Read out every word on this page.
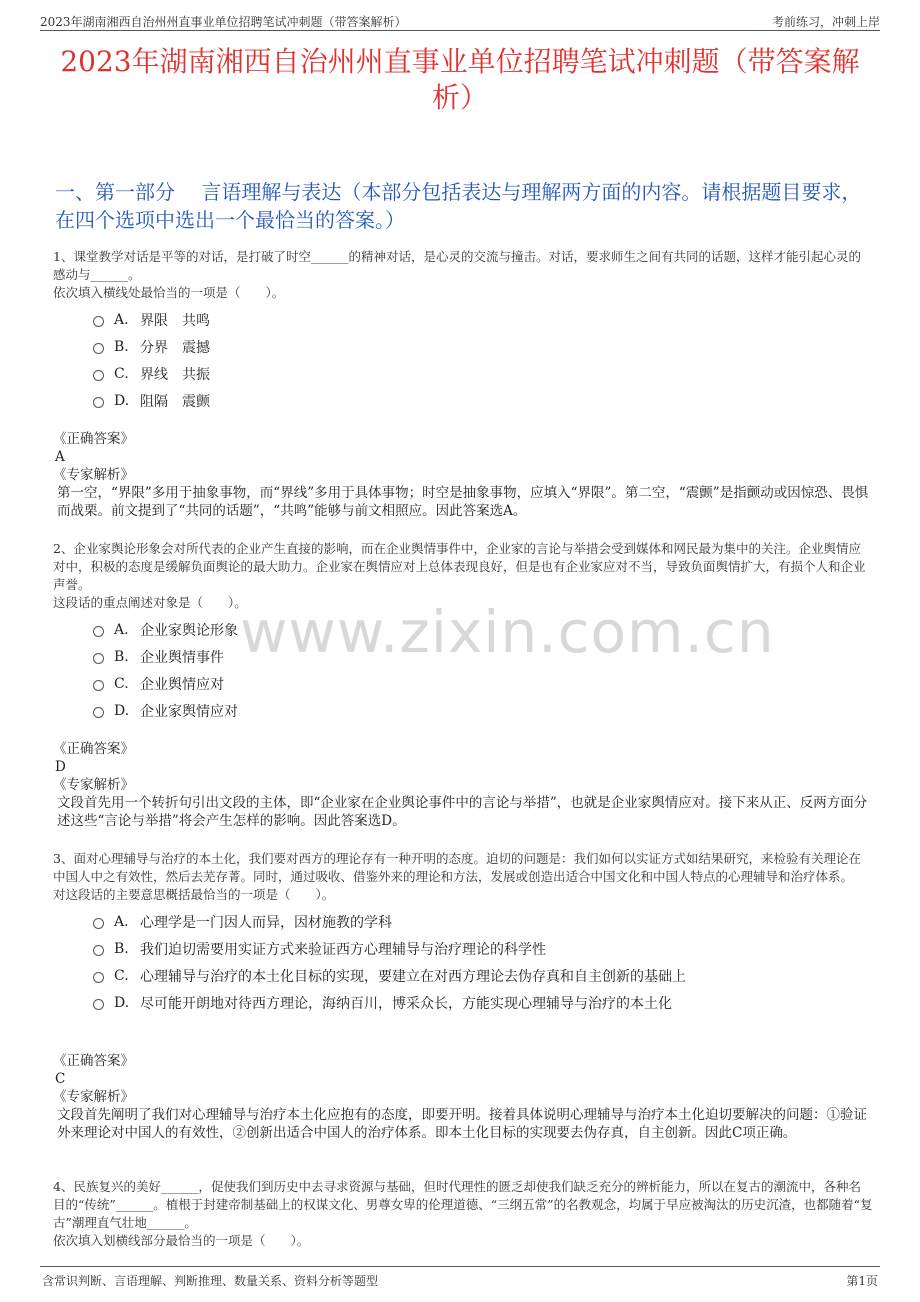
2023年湖南湘西自治州州直事业单位招聘笔试冲刺题（带答案解析）	考前练习，冲刺上岸
2023年湖南湘西自治州州直事业单位招聘笔试冲刺题（带答案解析）
一、第一部分　 言语理解与表达（本部分包括表达与理解两方面的内容。请根据题目要求，在四个选项中选出一个最恰当的答案。）
www.zixin.com.cn
1、课堂教学对话是平等的对话，是打破了时空______的精神对话，是心灵的交流与撞击。对话，要求师生之间有共同的话题，这样才能引起心灵的感动与______。
依次填入横线处最恰当的一项是（　　）。
A. 界限　共鸣
B. 分界　震撼
C. 界线　共振
D. 阻隔　震颤
《正确答案》
A
《专家解析》
第一空，“界限”多用于抽象事物，而“界线”多用于具体事物；时空是抽象事物，应填入“界限”。第二空，“震颤”是指颤动或因惊恐、畏惧而战栗。前文提到了“共同的话题”，“共鸣”能够与前文相照应。因此答案选A。
2、企业家舆论形象会对所代表的企业产生直接的影响，而在企业舆情事件中，企业家的言论与举措会受到媒体和网民最为集中的关注。企业舆情应对中，积极的态度是缓解负面舆论的最大助力。企业家在舆情应对上总体表现良好，但是也有企业家应对不当，导致负面舆情扩大，有损个人和企业声誉。
这段话的重点阐述对象是（　　）。
A. 企业家舆论形象
B. 企业舆情事件
C. 企业舆情应对
D. 企业家舆情应对
《正确答案》
D
《专家解析》
文段首先用一个转折句引出文段的主体，即“企业家在企业舆论事件中的言论与举措”，也就是企业家舆情应对。接下来从正、反两方面分述这些“言论与举措”将会产生怎样的影响。因此答案选D。
3、面对心理辅导与治疗的本土化，我们要对西方的理论存有一种开明的态度。迫切的问题是：我们如何以实证方式如结果研究，来检验有关理论在中国人中之有效性，然后去芜存菁。同时，通过吸收、借鉴外来的理论和方法，发展或创造出适合中国文化和中国人特点的心理辅导和治疗体系。
对这段话的主要意思概括最恰当的一项是（　　）。
A. 心理学是一门因人而异，因材施教的学科
B. 我们迫切需要用实证方式来验证西方心理辅导与治疗理论的科学性
C. 心理辅导与治疗的本土化目标的实现，要建立在对西方理论去伪存真和自主创新的基础上
D. 尽可能开朗地对待西方理论，海纳百川，博采众长，方能实现心理辅导与治疗的本土化
《正确答案》
C
《专家解析》
文段首先阐明了我们对心理辅导与治疗本土化应抱有的态度，即要开明。接着具体说明心理辅导与治疗本土化迫切要解决的问题：①验证外来理论对中国人的有效性，②创新出适合中国人的治疗体系。即本土化目标的实现要去伪存真，自主创新。因此C项正确。
4、民族复兴的美好______，促使我们到历史中去寻求资源与基础，但时代理性的匮乏却使我们缺乏充分的辨析能力，所以在复古的潮流中，各种名目的“传统”______。植根于封建帝制基础上的权谋文化、男尊女卑的伦理道德、“三纲五常”的名教观念，均属于早应被淘汰的历史沉渣，也都随着“复古”潮理直气壮地______。
依次填入划横线部分最恰当的一项是（　　）。
含常识判断、言语理解、判断推理、数量关系、资料分析等题型	第1页
